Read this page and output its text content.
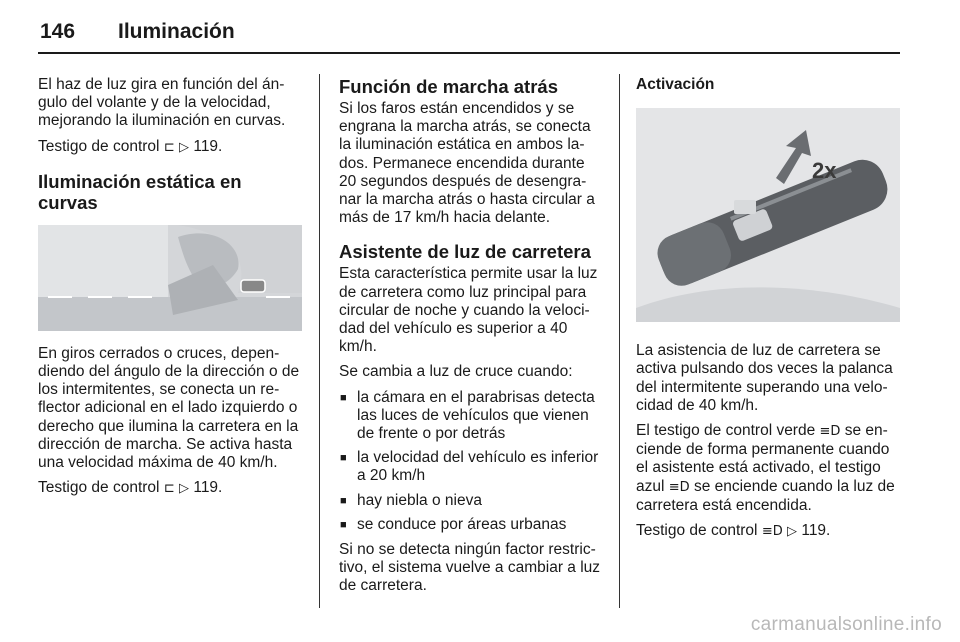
146 Iluminación

El haz de luz gira en función del án-gulo del volante y de la velocidad, mejorando la iluminación en curvas.

Testigo de control ⊏ ▷ 119.

Iluminación estática en curvas

En giros cerrados o cruces, depen-diendo del ángulo de la dirección o de los intermitentes, se conecta un re-flector adicional en el lado izquierdo o derecho que ilumina la carretera en la dirección de marcha. Se activa hasta una velocidad máxima de 40 km/h.

Testigo de control ⊏ ▷ 119.

Función de marcha atrás

Si los faros están encendidos y se engrana la marcha atrás, se conecta la iluminación estática en ambos la-dos. Permanece encendida durante 20 segundos después de desengra-nar la marcha atrás o hasta circular a más de 17 km/h hacia delante.

Asistente de luz de carretera

Esta característica permite usar la luz de carretera como luz principal para circular de noche y cuando la veloci-dad del vehículo es superior a 40 km/h.

Se cambia a luz de cruce cuando:

■ la cámara en el parabrisas detecta las luces de vehículos que vienen de frente o por detrás
■ la velocidad del vehículo es inferior a 20 km/h
■ hay niebla o nieva
■ se conduce por áreas urbanas

Si no se detecta ningún factor restric-tivo, el sistema vuelve a cambiar a luz de carretera.

Activación
2x

La asistencia de luz de carretera se activa pulsando dos veces la palanca del intermitente superando una velo-cidad de 40 km/h.

El testigo de control verde ≡D se en-ciende de forma permanente cuando el asistente está activado, el testigo azul ≡D se enciende cuando la luz de carretera está encendida.

Testigo de control ≡D ▷ 119.

carmanualsonline.info
